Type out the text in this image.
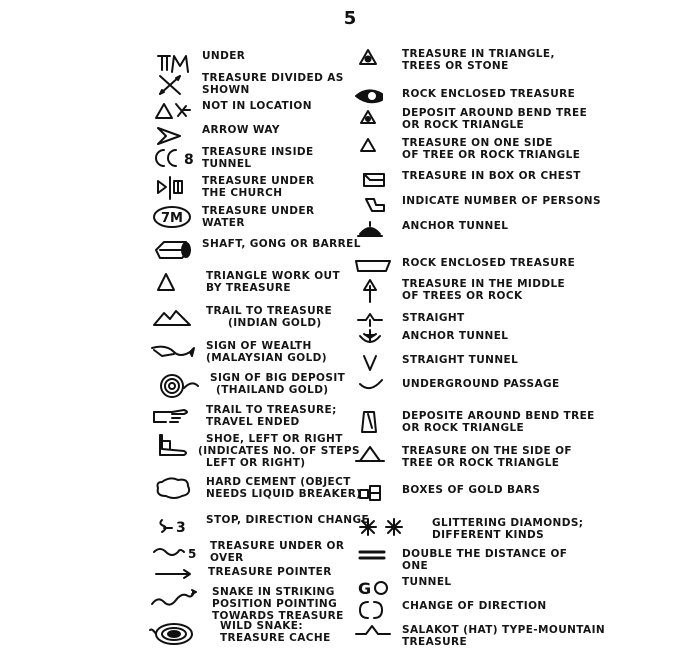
5
UNDER
TREASURE DIVIDED AS
SHOWN
NOT IN LOCATION
ARROW WAY
8 TREASURE INSIDE
TUNNEL
TREASURE UNDER
THE CHURCH
7M TREASURE UNDER
WATER
SHAFT, GONG OR BARREL
TRIANGLE WORK OUT
BY TREASURE
TRAIL TO TREASURE
(INDIAN GOLD)
SIGN OF WEALTH
(MALAYSIAN GOLD)
SIGN OF BIG DEPOSIT
(THAILAND GOLD)
TRAIL TO TREASURE;
TRAVEL ENDED
SHOE, LEFT OR RIGHT
(INDICATES NO. OF STEPS
LEFT OR RIGHT)
HARD CEMENT (OBJECT
NEEDS LIQUID BREAKER)
3 STOP, DIRECTION CHANGE
5
TREASURE UNDER OR
OVER
TREASURE POINTER
SNAKE IN STRIKING
POSITION POINTING
TOWARDS TREASURE
WILD SNAKE:
TREASURE CACHE
TREASURE IN TRIANGLE,
TREES OR STONE
ROCK ENCLOSED TREASURE
DEPOSIT AROUND BEND TREE
OR ROCK TRIANGLE
TREASURE ON ONE SIDE
OF TREE OR ROCK TRIANGLE
TREASURE IN BOX OR CHEST
INDICATE NUMBER OF PERSONS
ANCHOR TUNNEL
ROCK ENCLOSED TREASURE
TREASURE IN THE MIDDLE
OF TREES OR ROCK
STRAIGHT
ANCHOR TUNNEL
STRAIGHT TUNNEL
UNDERGROUND PASSAGE
DEPOSITE AROUND BEND TREE
OR ROCK TRIANGLE
TREASURE ON THE SIDE OF
TREE OR ROCK TRIANGLE
BOXES OF GOLD BARS
GLITTERING DIAMONDS;
DIFFERENT KINDS
DOUBLE THE DISTANCE OF
ONE
G	TUNNEL
CHANGE OF DIRECTION
SALAKOT (HAT) TYPE-MOUNTAIN
TREASURE
